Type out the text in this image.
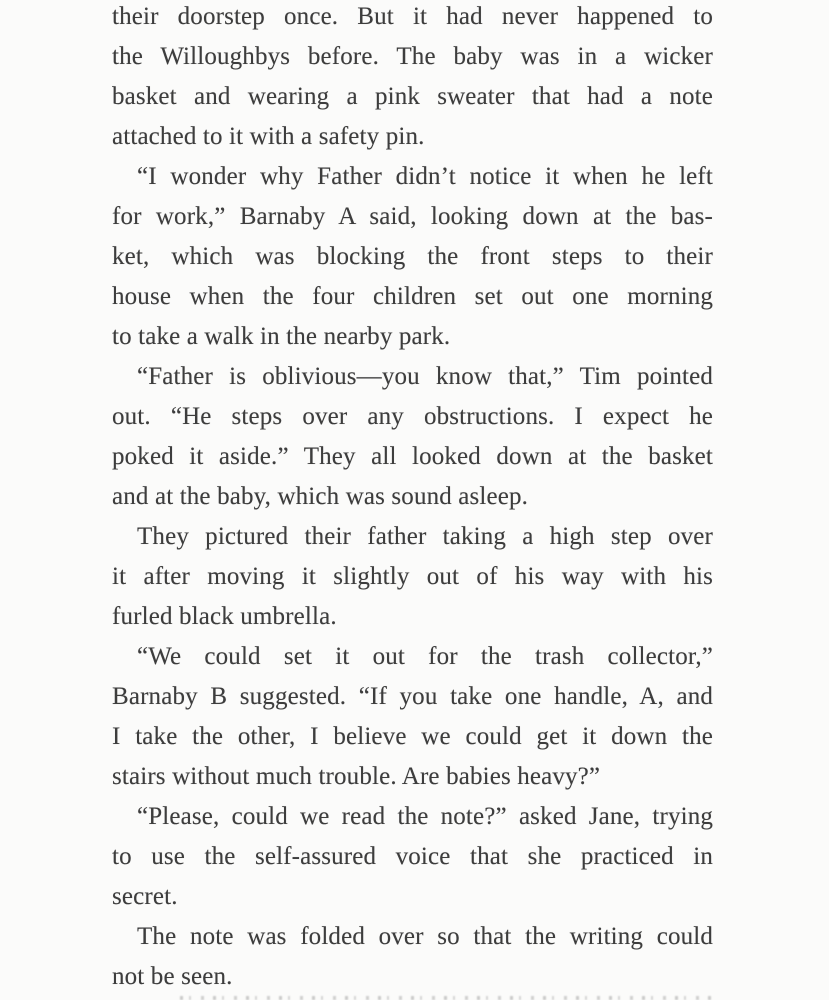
their doorstep once. But it had never happened to
the Willoughbys before. The baby was in a wicker
basket and wearing a pink sweater that had a note
attached to it with a safety pin.
“I wonder why Father didn’t notice it when he left
for work,” Barnaby A said, looking down at the bas-
ket, which was blocking the front steps to their
house when the four children set out one morning
to take a walk in the nearby park.
“Father is oblivious—you know that,” Tim pointed
out. “He steps over any obstructions. I expect he
poked it aside.” They all looked down at the basket
and at the baby, which was sound asleep.
They pictured their father taking a high step over
it after moving it slightly out of his way with his
furled black umbrella.
“We could set it out for the trash collector,”
Barnaby B suggested. “If you take one handle, A, and
I take the other, I believe we could get it down the
stairs without much trouble. Are babies heavy?”
“Please, could we read the note?” asked Jane, trying
to use the self-assured voice that she practiced in
secret.
The note was folded over so that the writing could
not be seen.
